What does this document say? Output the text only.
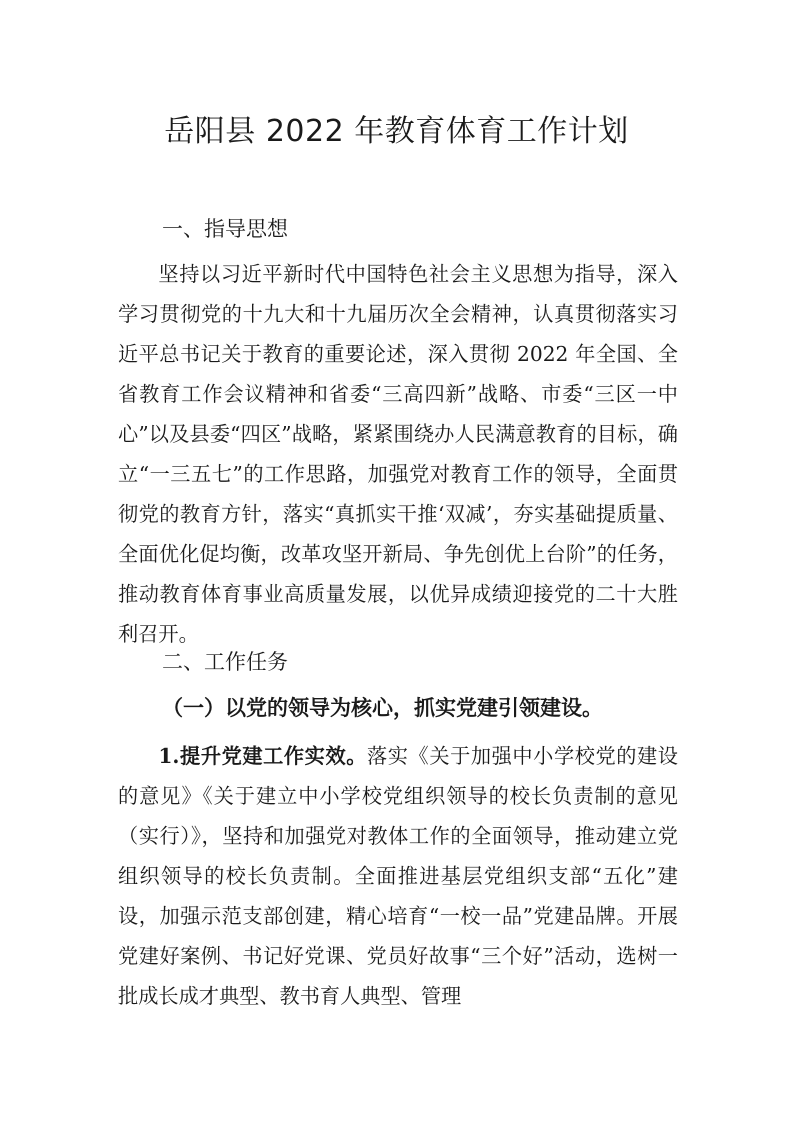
岳阳县 2022 年教育体育工作计划
一、指导思想

坚持以习近平新时代中国特色社会主义思想为指导，深入学习贯彻党的十九大和十九届历次全会精神，认真贯彻落实习近平总书记关于教育的重要论述，深入贯彻 2022 年全国、全省教育工作会议精神和省委“三高四新”战略、市委“三区一中心”以及县委“四区”战略，紧紧围绕办人民满意教育的目标，确立“一三五七”的工作思路，加强党对教育工作的领导，全面贯彻党的教育方针，落实“真抓实干推‘双减’，夯实基础提质量、全面优化促均衡，改革攻坚开新局、争先创优上台阶”的任务，推动教育体育事业高质量发展，以优异成绩迎接党的二十大胜利召开。

二、工作任务
（一）以党的领导为核心，抓实党建引领建设。

1.提升党建工作实效。落实《关于加强中小学校党的建设的意见》《关于建立中小学校党组织领导的校长负责制的意见（实行）》，坚持和加强党对教体工作的全面领导，推动建立党组织领导的校长负责制。全面推进基层党组织支部“五化”建设，加强示范支部创建，精心培育“一校一品”党建品牌。开展党建好案例、书记好党课、党员好故事“三个好”活动，选树一批成长成才典型、教书育人典型、管理
